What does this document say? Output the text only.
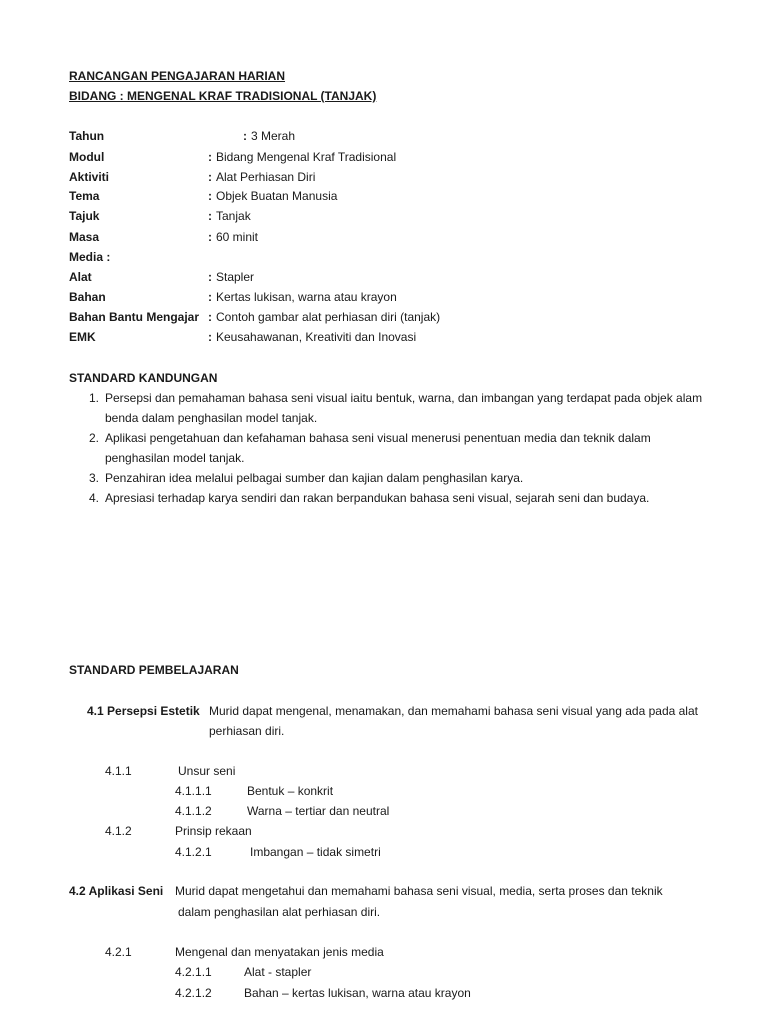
RANCANGAN PENGAJARAN HARIAN
BIDANG : MENGENAL KRAF TRADISIONAL (TANJAK)
Tahun	: 3 Merah
Modul	: Bidang Mengenal Kraf Tradisional
Aktiviti	: Alat Perhiasan Diri
Tema	: Objek Buatan Manusia
Tajuk	: Tanjak
Masa	: 60 minit
Media :
Alat	: Stapler
Bahan	: Kertas lukisan, warna atau krayon
Bahan Bantu Mengajar : Contoh gambar alat perhiasan diri (tanjak)
EMK	: Keusahawanan, Kreativiti dan Inovasi
STANDARD KANDUNGAN
1. Persepsi dan pemahaman bahasa seni visual iaitu bentuk, warna, dan imbangan yang terdapat pada objek alam
benda dalam penghasilan model tanjak.
2. Aplikasi pengetahuan dan kefahaman bahasa seni visual menerusi penentuan media dan teknik dalam
penghasilan model tanjak.
3. Penzahiran idea melalui pelbagai sumber dan kajian dalam penghasilan karya.
4. Apresiasi terhadap karya sendiri dan rakan berpandukan bahasa seni visual, sejarah seni dan budaya.
STANDARD PEMBELAJARAN
4.1 Persepsi Estetik Murid dapat mengenal, menamakan, dan memahami bahasa seni visual yang ada pada alat
perhiasan diri.
4.1.1	Unsur seni
4.1.1.1	Bentuk – konkrit
4.1.1.2	Warna – tertiar dan neutral
4.1.2	Prinsip rekaan
4.1.2.1	Imbangan – tidak simetri
4.2 Aplikasi Seni Murid dapat mengetahui dan memahami bahasa seni visual, media, serta proses dan teknik
dalam penghasilan alat perhiasan diri.
4.2.1	Mengenal dan menyatakan jenis media
4.2.1.1	Alat - stapler
4.2.1.2	Bahan – kertas lukisan, warna atau krayon
